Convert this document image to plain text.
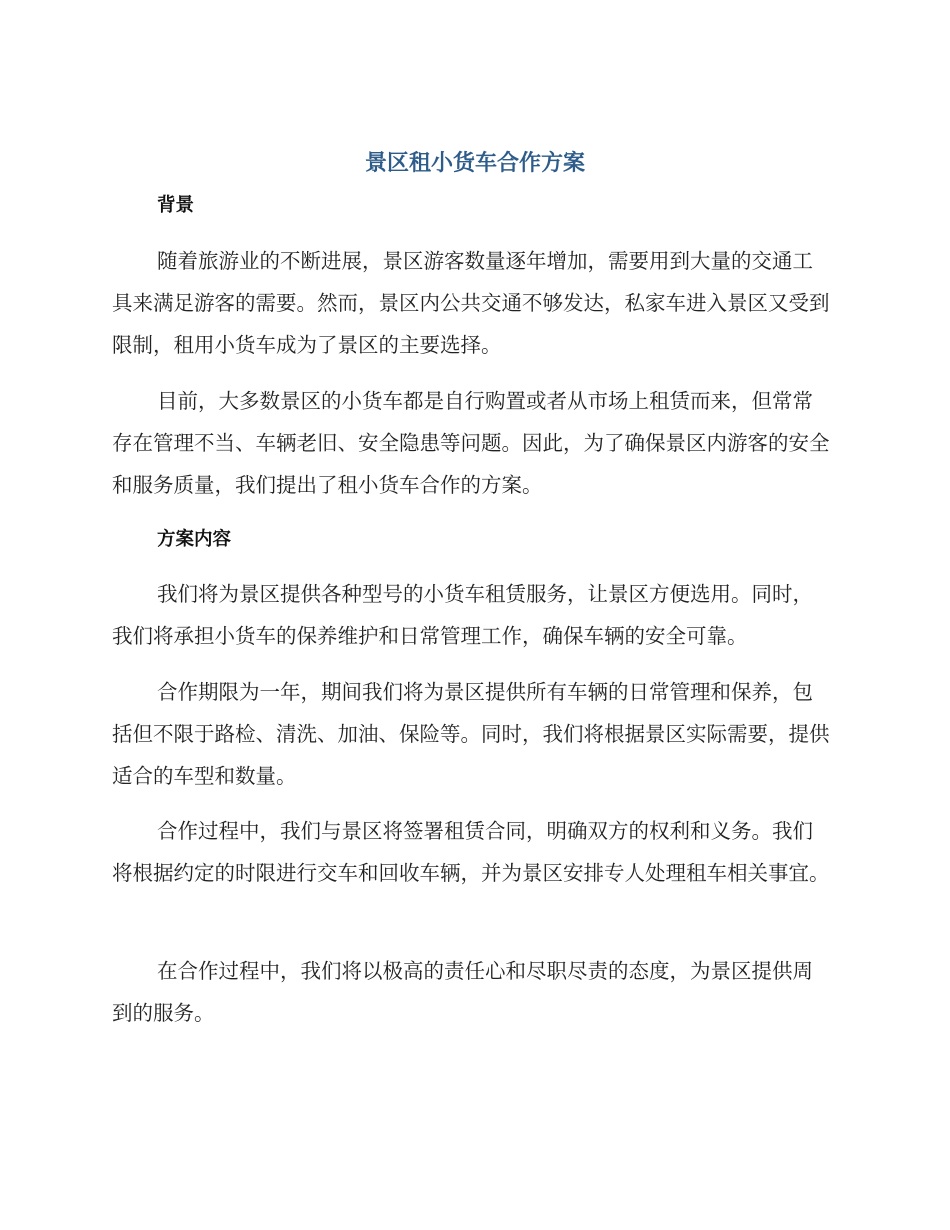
景区租小货车合作方案
背景

随着旅游业的不断进展，景区游客数量逐年增加，需要用到大量的交通工具来满足游客的需要。然而，景区内公共交通不够发达，私家车进入景区又受到限制，租用小货车成为了景区的主要选择。

目前，大多数景区的小货车都是自行购置或者从市场上租赁而来，但常常存在管理不当、车辆老旧、安全隐患等问题。因此，为了确保景区内游客的安全和服务质量，我们提出了租小货车合作的方案。

方案内容

我们将为景区提供各种型号的小货车租赁服务，让景区方便选用。同时，我们将承担小货车的保养维护和日常管理工作，确保车辆的安全可靠。

合作期限为一年，期间我们将为景区提供所有车辆的日常管理和保养，包括但不限于路检、清洗、加油、保险等。同时，我们将根据景区实际需要，提供适合的车型和数量。

合作过程中，我们与景区将签署租赁合同，明确双方的权利和义务。我们将根据约定的时限进行交车和回收车辆，并为景区安排专人处理租车相关事宜。

在合作过程中，我们将以极高的责任心和尽职尽责的态度，为景区提供周到的服务。
